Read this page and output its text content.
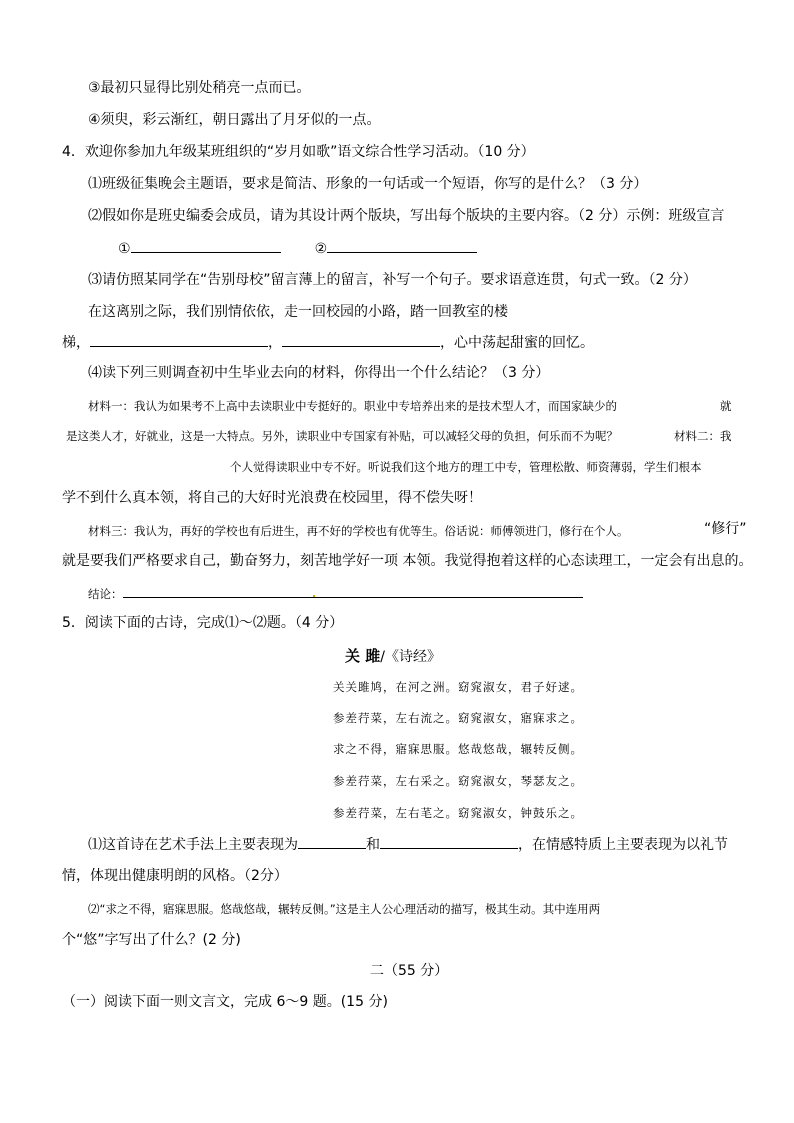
③最初只显得比别处稍亮一点而已。
④须臾，彩云渐红，朝日露出了月牙似的一点。
4．欢迎你参加九年级某班组织的“岁月如歌”语文综合性学习活动。（10 分）
⑴班级征集晚会主题语，要求是简洁、形象的一句话或一个短语，你写的是什么？（3 分）
⑵假如你是班史编委会成员，请为其设计两个版块，写出每个版块的主要内容。（2 分）示例：班级宣言
①	②
⑶请仿照某同学在“告别母校”留言薄上的留言，补写一个句子。要求语意连贯，句式一致。（2 分）
在这离别之际，我们别情依依，走一回校园的小路，踏一回教室的楼
梯，	，	，心中荡起甜蜜的回忆。
⑷读下列三则调查初中生毕业去向的材料，你得出一个什么结论？（3 分）
材料一：我认为如果考不上高中去读职业中专挺好的。职业中专培养出来的是技术型人才，而国家缺少的	就
是这类人才，好就业，这是一大特点。另外，读职业中专国家有补贴，可以减轻父母的负担，何乐而不为呢？	材料二：我
个人觉得读职业中专不好。听说我们这个地方的理工中专，管理松散、师资薄弱，学生们根本
学不到什么真本领，将自己的大好时光浪费在校园里，得不偿失呀！
材料三：我认为，再好的学校也有后进生，再不好的学校也有优等生。俗话说：师傅领进门，修行在个人。	“修行”
就是要我们严格要求自己，勤奋努力，刻苦地学好一项 本领。我觉得抱着这样的心态读理工，一定会有出息的。
结论：
5．阅读下面的古诗，完成⑴～⑵题。（4 分）
关 雎/《诗经》
关关雎鸠，在河之洲。窈窕淑女，君子好逑。
参差荇菜，左右流之。窈窕淑女，寤寐求之。
求之不得，寤寐思服。悠哉悠哉，辗转反侧。
参差荇菜，左右采之。窈窕淑女，琴瑟友之。
参差荇菜，左右芼之。窈窕淑女，钟鼓乐之。
⑴这首诗在艺术手法上主要表现为	和	，在情感特质上主要表现为以礼节
情，体现出健康明朗的风格。（2分）
⑵“求之不得，寤寐思服。悠哉悠哉，辗转反侧。”这是主人公心理活动的描写，极其生动。其中连用两
个“悠”字写出了什么？(2 分)
二（55 分）
（一）阅读下面一则文言文，完成 6～9 题。(15 分)
